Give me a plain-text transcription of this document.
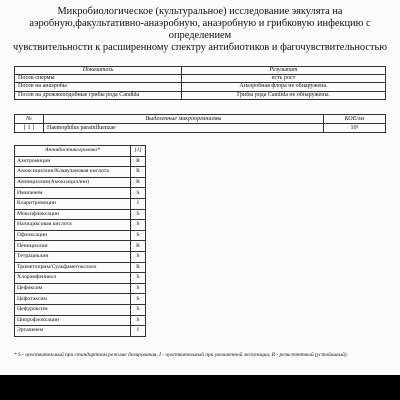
Микробиологическое (культуральное) исследование эякулята на
аэробную,факультативно-анаэробную, анаэробную и грибковую инфекцию с определением
чувствительности к расширенному спектру антибиотиков и фагочувствительностью
Показатель	Результат
Посев спермы	есть рост
Посев на анаэробы	Анаэробная флора не обнаружена.
Посев на дрожжеподобные грибы рода Candida	Грибы рода Candida не обнаружены.
№	Выделенные микроорганизмы	КОЕ/мл
[ 1 ]	Haemophilus parainfluenzae	10⁵
Антибиотикограмма*	[1]
Азитромицин	R
Амоксициллин/Клавулановая кислота	R
Ампициллин(Амоксициллин)	R
Имипенем	S
Кларитромицин	I
Моксифлоксацин	S
Налидиксовая кислота	S
Офлоксацин	S
Пенициллин	R
Тетрациклин	S
Триметоприм/Сульфаметоксазол	R
Хлорамфеникол	S
Цефиксим	S
Цефотаксим	S
Цефуроксим	S
Ципрофлоксацин	S
Эртапенем	I
* S - чувствительный при стандартном режиме дозирования, I - чувствительный при увеличенной экспозиции, R - резистентный (устойчивый).
